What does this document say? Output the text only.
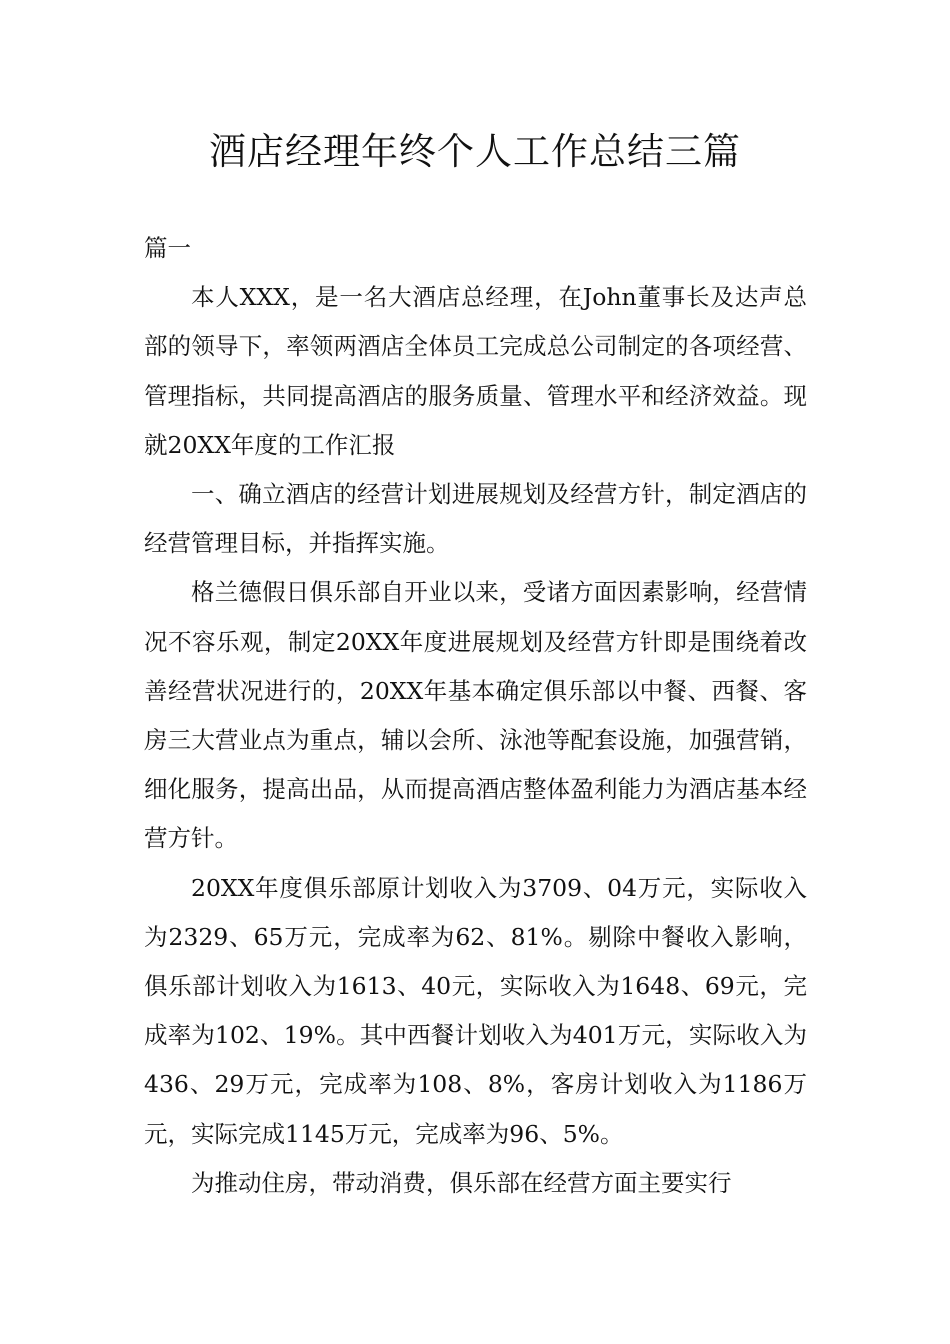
酒店经理年终个人工作总结三篇

篇一

本人XXX，是一名大酒店总经理，在John董事长及达声总部的领导下，率领两酒店全体员工完成总公司制定的各项经营、管理指标，共同提高酒店的服务质量、管理水平和经济效益。现就20XX年度的工作汇报

一、确立酒店的经营计划进展规划及经营方针，制定酒店的经营管理目标，并指挥实施。

格兰德假日俱乐部自开业以来，受诸方面因素影响，经营情况不容乐观，制定20XX年度进展规划及经营方针即是围绕着改善经营状况进行的，20XX年基本确定俱乐部以中餐、西餐、客房三大营业点为重点，辅以会所、泳池等配套设施，加强营销，细化服务，提高出品，从而提高酒店整体盈利能力为酒店基本经营方针。

20XX年度俱乐部原计划收入为3709、04万元，实际收入为2329、65万元，完成率为62、81%。剔除中餐收入影响，俱乐部计划收入为1613、40元，实际收入为1648、69元，完成率为102、19%。其中西餐计划收入为401万元，实际收入为436、29万元，完成率为108、8%，客房计划收入为1186万元，实际完成1145万元，完成率为96、5%。

为推动住房，带动消费，俱乐部在经营方面主要实行
